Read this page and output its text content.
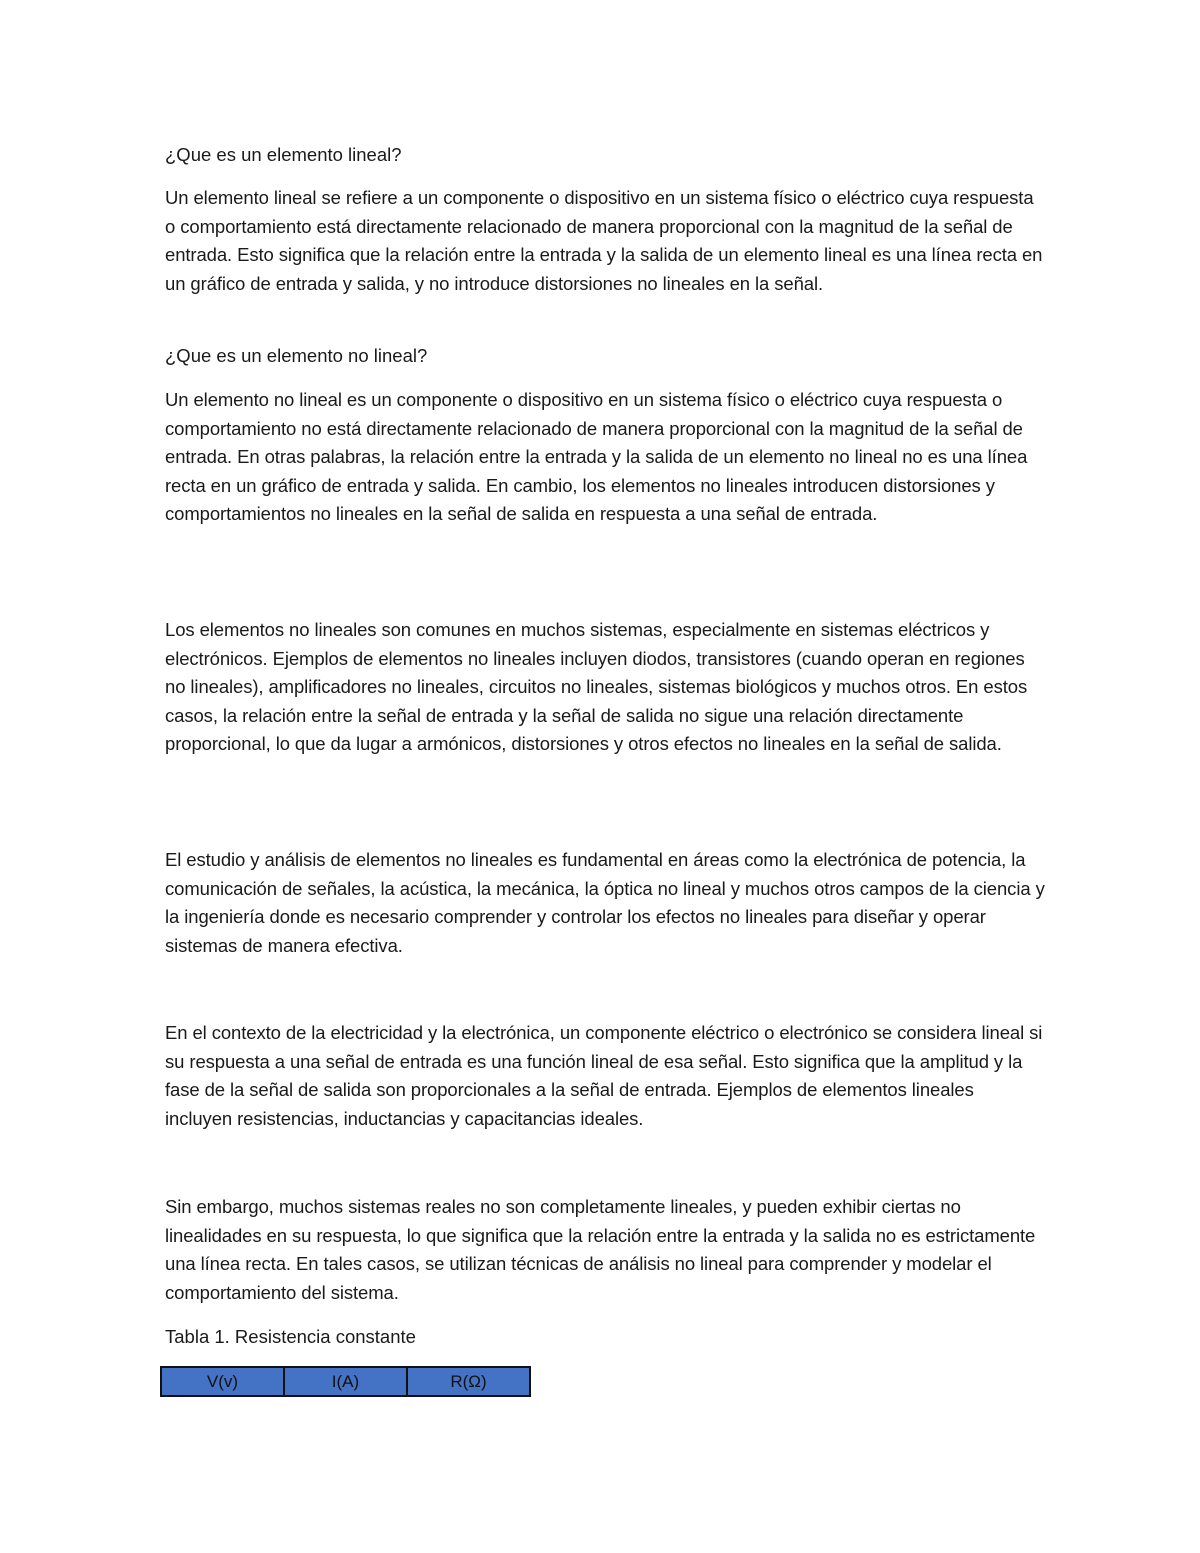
¿Que es un elemento lineal?
Un elemento lineal se refiere a un componente o dispositivo en un sistema físico o eléctrico cuya respuesta o comportamiento está directamente relacionado de manera proporcional con la magnitud de la señal de entrada. Esto significa que la relación entre la entrada y la salida de un elemento lineal es una línea recta en un gráfico de entrada y salida, y no introduce distorsiones no lineales en la señal.
¿Que es un elemento no lineal?
Un elemento no lineal es un componente o dispositivo en un sistema físico o eléctrico cuya respuesta o comportamiento no está directamente relacionado de manera proporcional con la magnitud de la señal de entrada. En otras palabras, la relación entre la entrada y la salida de un elemento no lineal no es una línea recta en un gráfico de entrada y salida. En cambio, los elementos no lineales introducen distorsiones y comportamientos no lineales en la señal de salida en respuesta a una señal de entrada.
Los elementos no lineales son comunes en muchos sistemas, especialmente en sistemas eléctricos y electrónicos. Ejemplos de elementos no lineales incluyen diodos, transistores (cuando operan en regiones no lineales), amplificadores no lineales, circuitos no lineales, sistemas biológicos y muchos otros. En estos casos, la relación entre la señal de entrada y la señal de salida no sigue una relación directamente proporcional, lo que da lugar a armónicos, distorsiones y otros efectos no lineales en la señal de salida.
El estudio y análisis de elementos no lineales es fundamental en áreas como la electrónica de potencia, la comunicación de señales, la acústica, la mecánica, la óptica no lineal y muchos otros campos de la ciencia y la ingeniería donde es necesario comprender y controlar los efectos no lineales para diseñar y operar sistemas de manera efectiva.
En el contexto de la electricidad y la electrónica, un componente eléctrico o electrónico se considera lineal si su respuesta a una señal de entrada es una función lineal de esa señal. Esto significa que la amplitud y la fase de la señal de salida son proporcionales a la señal de entrada. Ejemplos de elementos lineales incluyen resistencias, inductancias y capacitancias ideales.
Sin embargo, muchos sistemas reales no son completamente lineales, y pueden exhibir ciertas no linealidades en su respuesta, lo que significa que la relación entre la entrada y la salida no es estrictamente una línea recta. En tales casos, se utilizan técnicas de análisis no lineal para comprender y modelar el comportamiento del sistema.
Tabla 1. Resistencia constante
V(v)	I(A)	R(Ω)
